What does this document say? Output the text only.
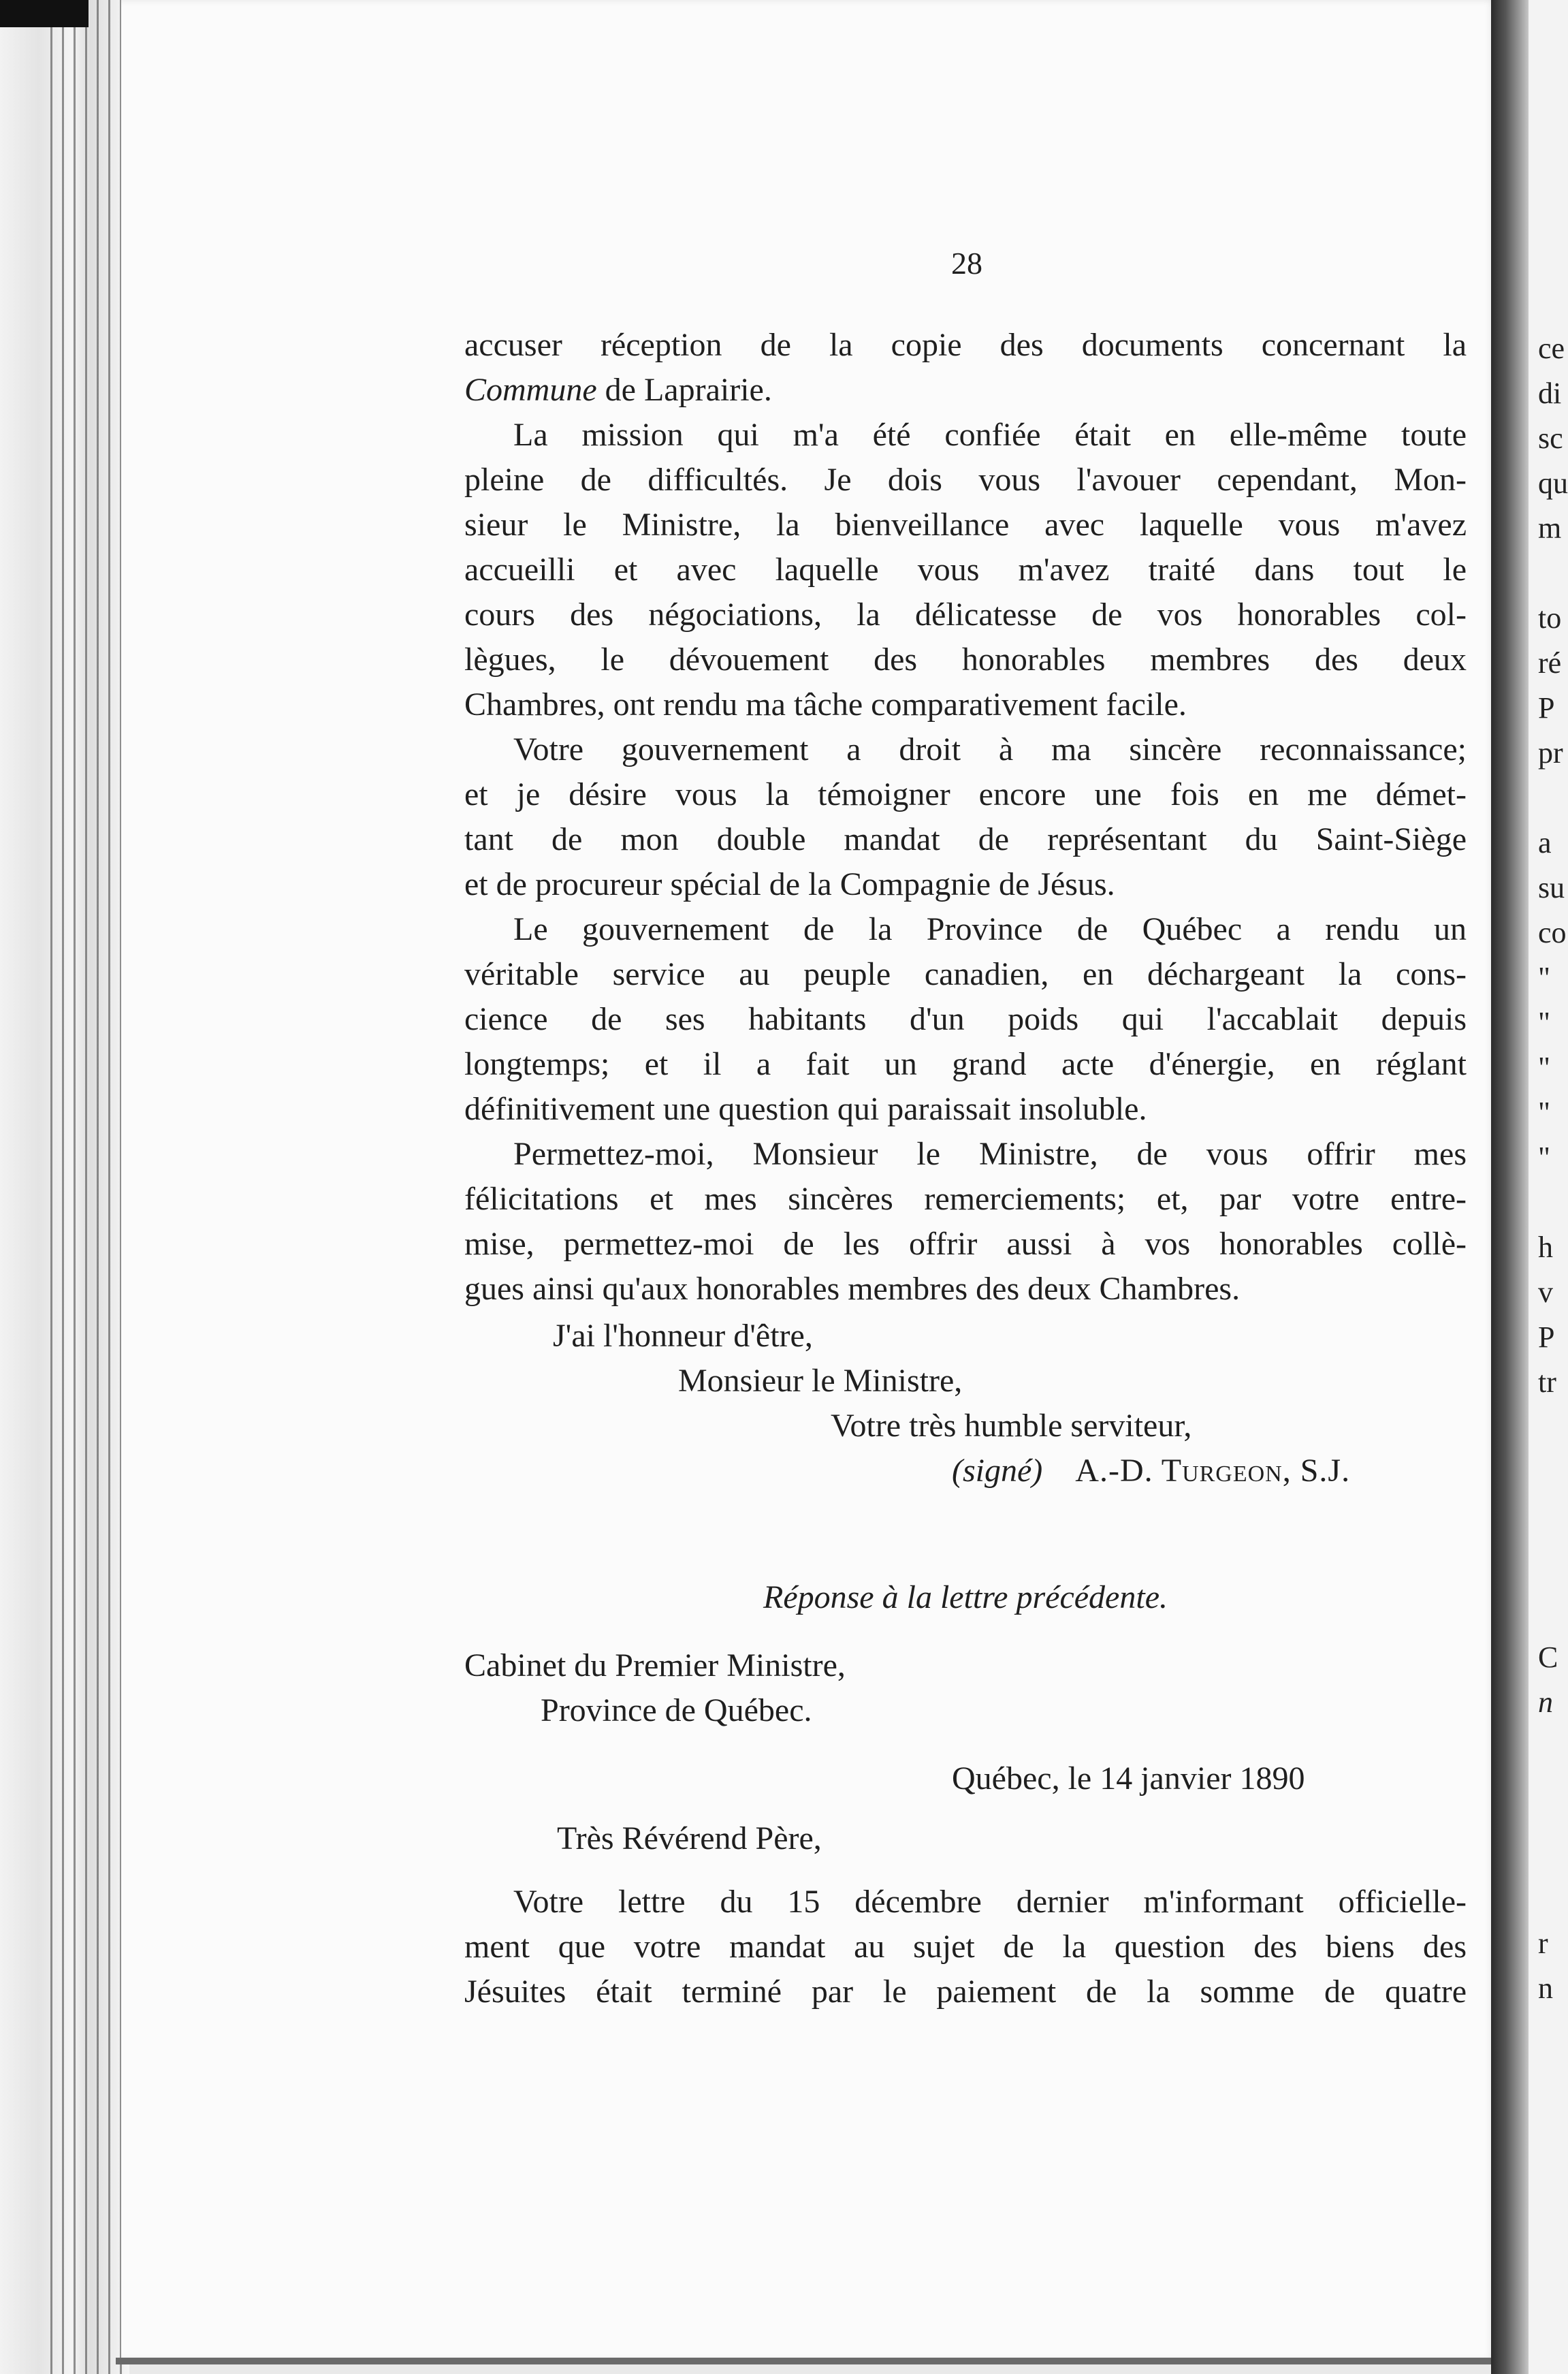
ce
di
sc
qu
m
to
ré
P
pr
a
su
co
"
"
"
"
"
h
v
P
tr
C
n
r
n
28
accuser réception de la copie des documents concernant la
Commune de Laprairie.
La mission qui m'a été confiée était en elle-même toute
pleine de difficultés. Je dois vous l'avouer cependant, Mon-
sieur le Ministre, la bienveillance avec laquelle vous m'avez
accueilli et avec laquelle vous m'avez traité dans tout le
cours des négociations, la délicatesse de vos honorables col-
lègues, le dévouement des honorables membres des deux
Chambres, ont rendu ma tâche comparativement facile.
Votre gouvernement a droit à ma sincère reconnaissance;
et je désire vous la témoigner encore une fois en me démet-
tant de mon double mandat de représentant du Saint-Siège
et de procureur spécial de la Compagnie de Jésus.
Le gouvernement de la Province de Québec a rendu un
véritable service au peuple canadien, en déchargeant la cons-
cience de ses habitants d'un poids qui l'accablait depuis
longtemps; et il a fait un grand acte d'énergie, en réglant
définitivement une question qui paraissait insoluble.
Permettez-moi, Monsieur le Ministre, de vous offrir mes
félicitations et mes sincères remerciements; et, par votre entre-
mise, permettez-moi de les offrir aussi à vos honorables collè-
gues ainsi qu'aux honorables membres des deux Chambres.
J'ai l'honneur d'être,
Monsieur le Ministre,
Votre très humble serviteur,
(signé) A.-D. Turgeon, S.J.
Réponse à la lettre précédente.
Cabinet du Premier Ministre,
Province de Québec.
Québec, le 14 janvier 1890
Très Révérend Père,
Votre lettre du 15 décembre dernier m'informant officielle-
ment que votre mandat au sujet de la question des biens des
Jésuites était terminé par le paiement de la somme de quatre
